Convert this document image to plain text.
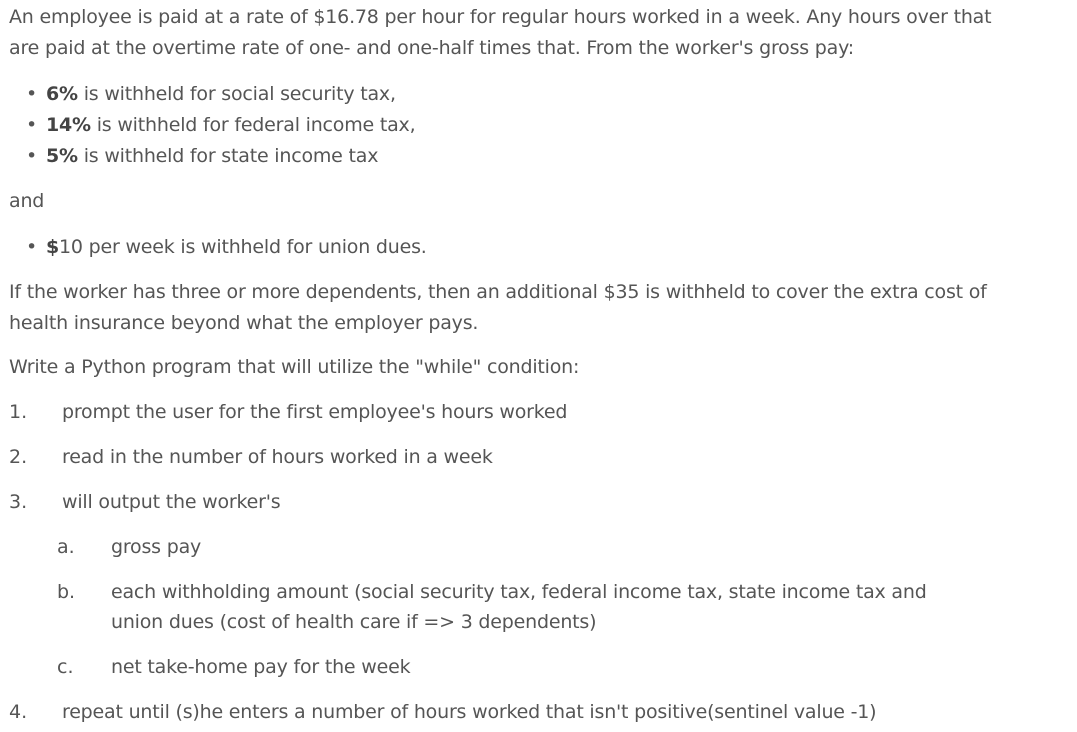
An employee is paid at a rate of $16.78 per hour for regular hours worked in a week. Any hours over that
are paid at the overtime rate of one- and one-half times that. From the worker's gross pay:
• 6% is withheld for social security tax,
• 14% is withheld for federal income tax,
• 5% is withheld for state income tax
and
• $10 per week is withheld for union dues.
If the worker has three or more dependents, then an additional $35 is withheld to cover the extra cost of
health insurance beyond what the employer pays.
Write a Python program that will utilize the "while" condition:
1. prompt the user for the first employee's hours worked
2. read in the number of hours worked in a week
3. will output the worker's
a. gross pay
b. each withholding amount (social security tax, federal income tax, state income tax and
union dues (cost of health care if => 3 dependents)
c. net take-home pay for the week
4. repeat until (s)he enters a number of hours worked that isn't positive(sentinel value -1)
